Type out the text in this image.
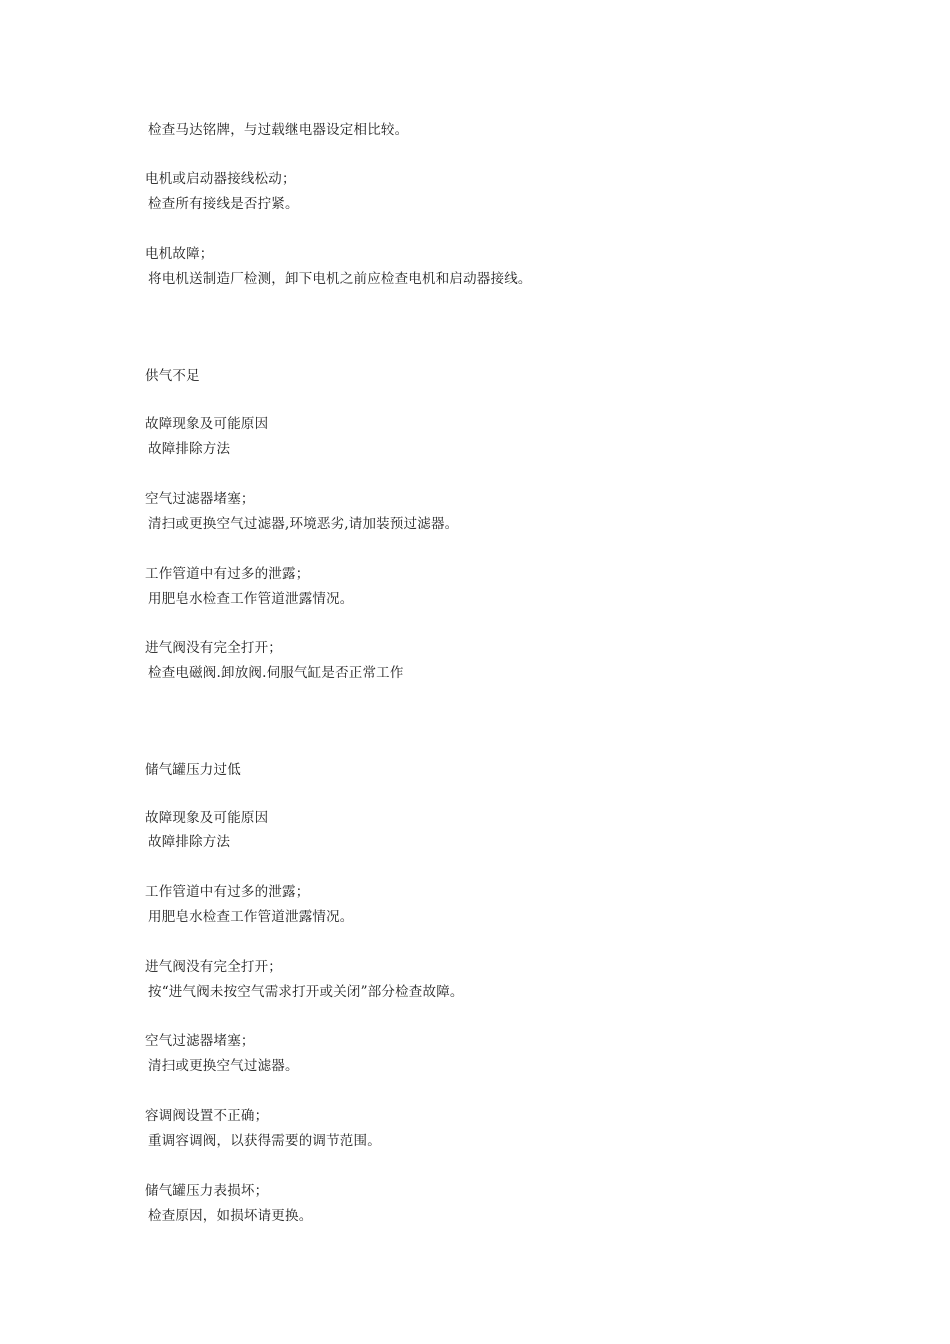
检查马达铭牌，与过载继电器设定相比较。
电机或启动器接线松动；
检查所有接线是否拧紧。
电机故障；
将电机送制造厂检测，卸下电机之前应检查电机和启动器接线。
供气不足
故障现象及可能原因
故障排除方法
空气过滤器堵塞；
清扫或更换空气过滤器,环境恶劣,请加装预过滤器。
工作管道中有过多的泄露；
用肥皂水检查工作管道泄露情况。
进气阀没有完全打开；
检查电磁阀.卸放阀.伺服气缸是否正常工作
储气罐压力过低
故障现象及可能原因
故障排除方法
工作管道中有过多的泄露；
用肥皂水检查工作管道泄露情况。
进气阀没有完全打开；
按“进气阀未按空气需求打开或关闭”部分检查故障。
空气过滤器堵塞；
清扫或更换空气过滤器。
容调阀设置不正确；
重调容调阀，以获得需要的调节范围。
储气罐压力表损坏；
检查原因，如损坏请更换。
